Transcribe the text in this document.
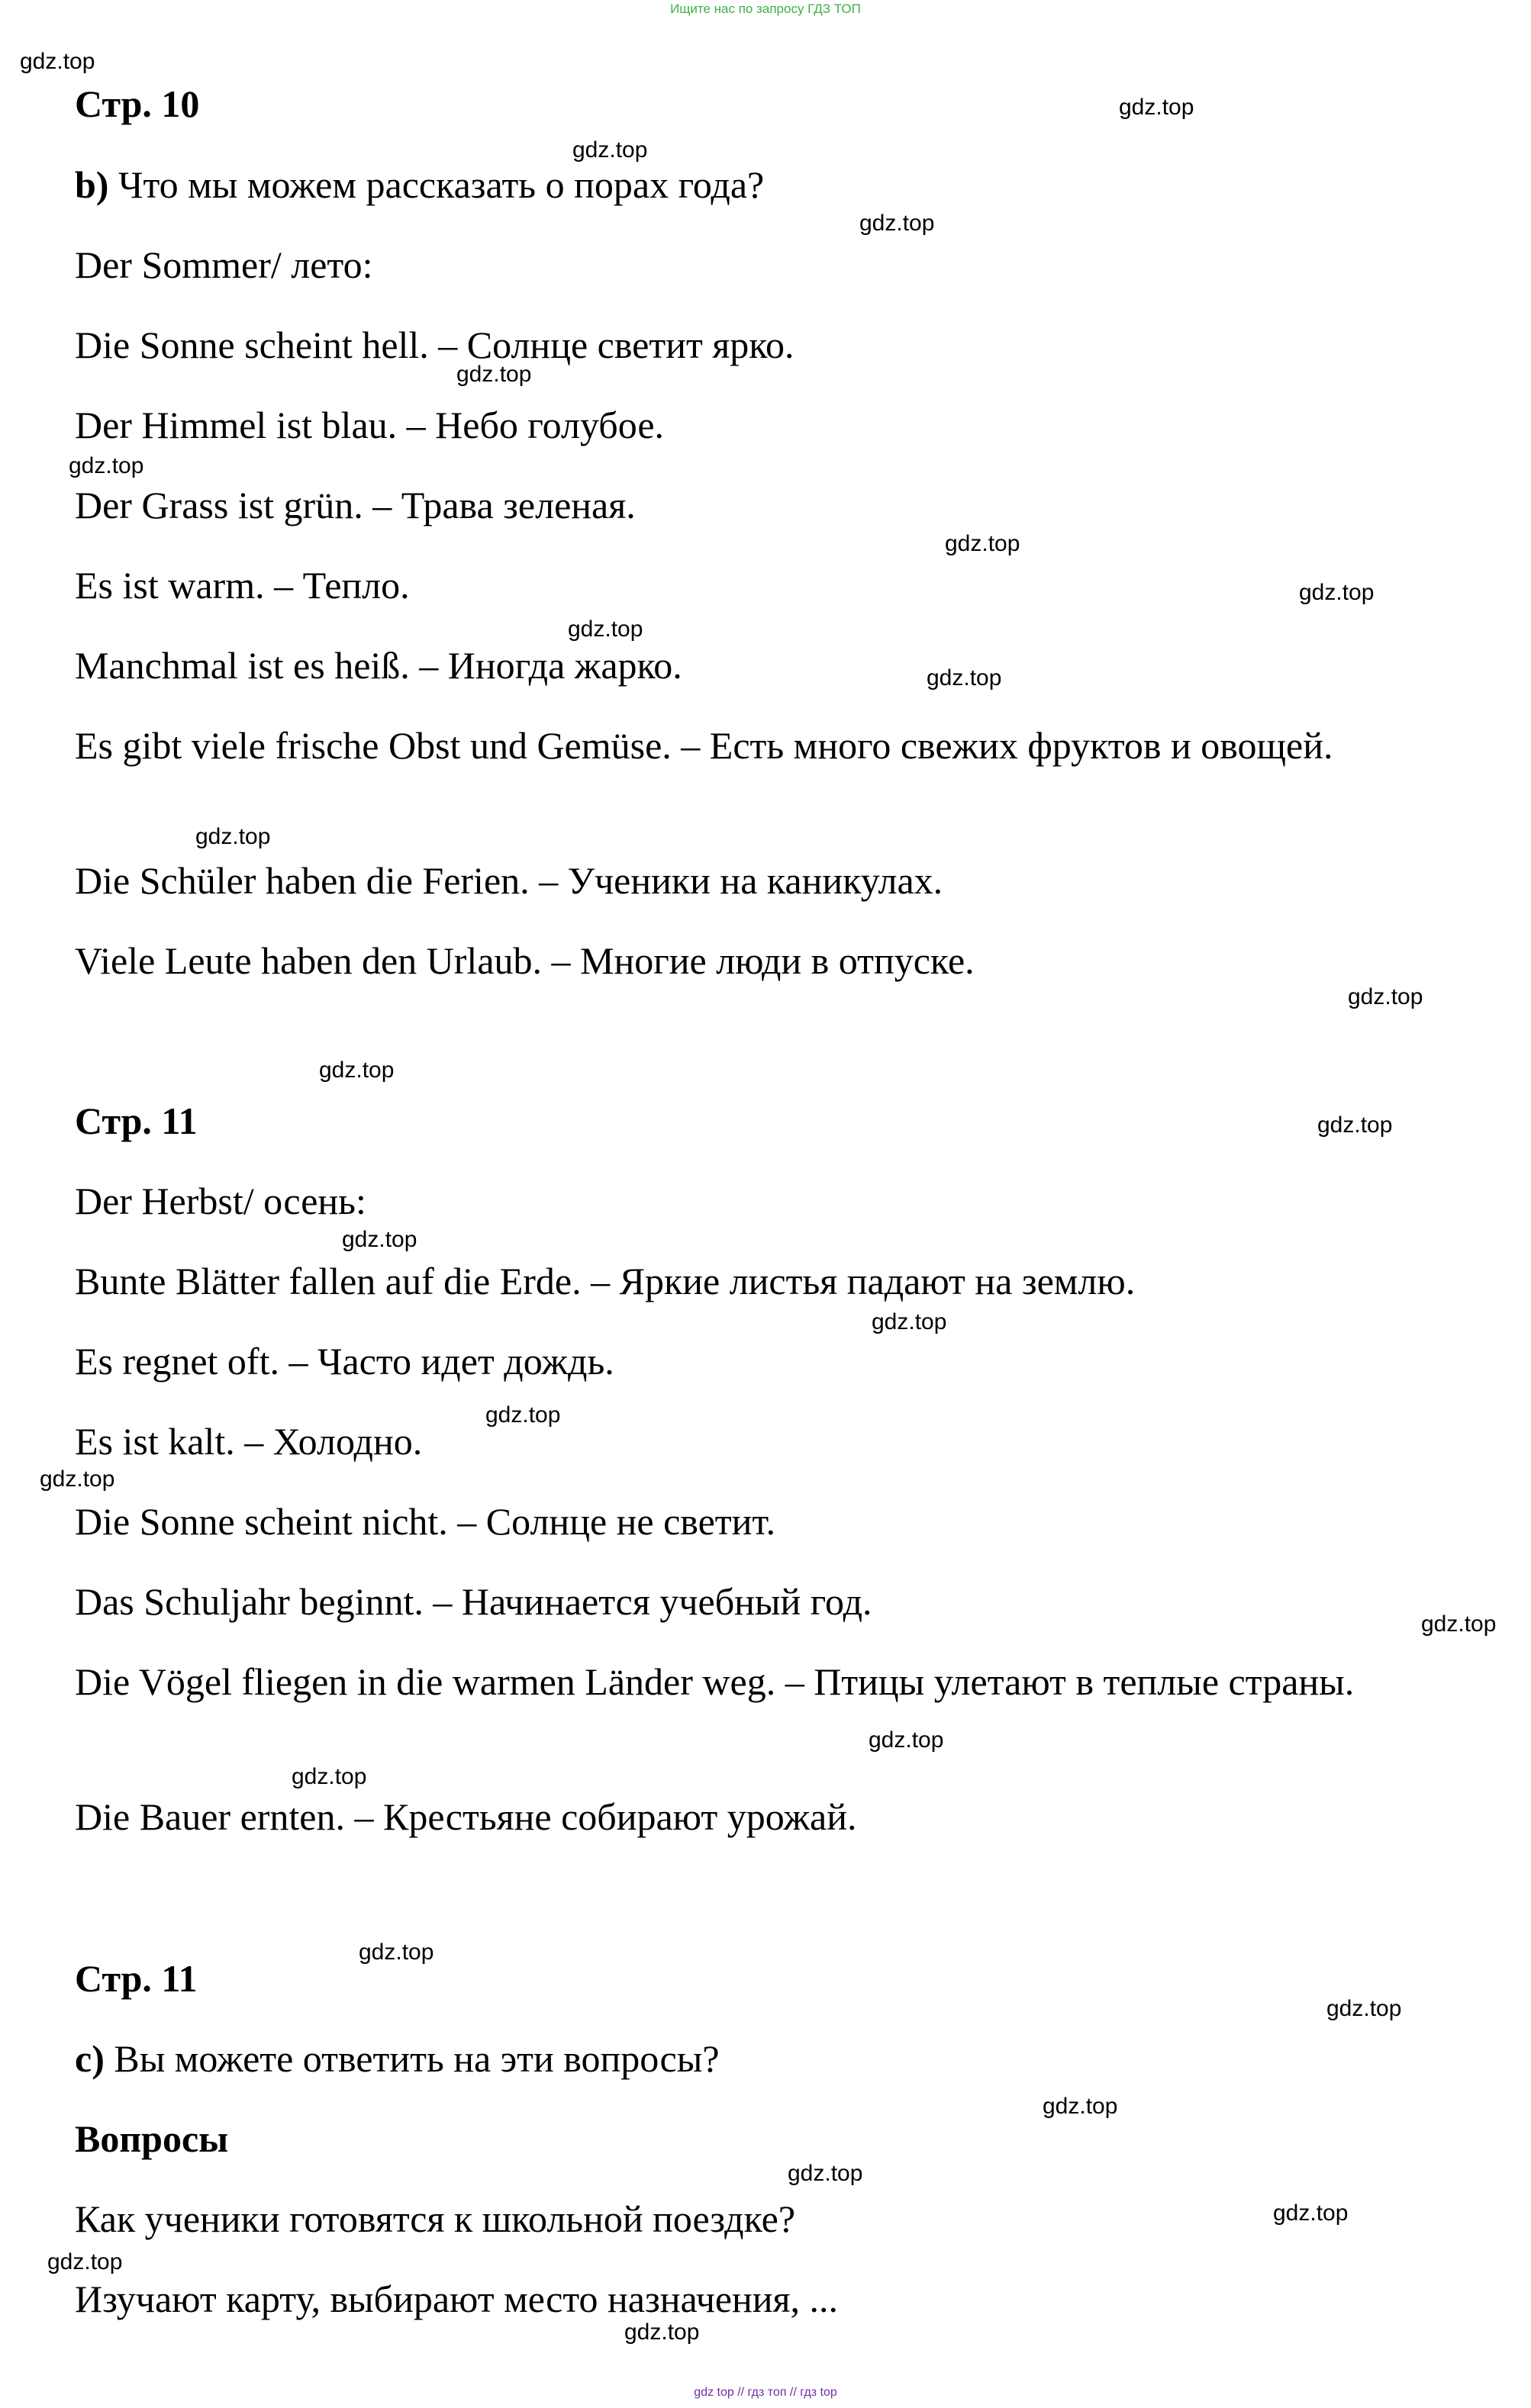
Ищите нас по запросу ГДЗ ТОП
Стр. 10
b) Что мы можем рассказать о порах года?
Der Sommer/ лето:
Die Sonne scheint hell. – Солнце светит ярко.
Der Himmel ist blau. – Небо голубое.
Der Grass ist grün. – Трава зеленая.
Es ist warm. – Тепло.
Manchmal ist es heiß. – Иногда жарко.
Es gibt viele frische Obst und Gemüse. – Есть много свежих фруктов и овощей.
Die Schüler haben die Ferien. – Ученики на каникулах.
Viele Leute haben den Urlaub. – Многие люди в отпуске.
Стр. 11
Der Herbst/ осень:
Bunte Blätter fallen auf die Erde. – Яркие листья падают на землю.
Es regnet oft. – Часто идет дождь.
Es ist kalt. – Холодно.
Die Sonne scheint nicht. – Солнце не светит.
Das Schuljahr beginnt. – Начинается учебный год.
Die Vögel fliegen in die warmen Länder weg. – Птицы улетают в теплые страны.
Die Bauer ernten. – Крестьяне собирают урожай.
Стр. 11
c) Вы можете ответить на эти вопросы?
Вопросы
Как ученики готовятся к школьной поездке?
Изучают карту, выбирают место назначения, ...
gdz.top
gdz.top
gdz.top
gdz.top
gdz.top
gdz.top
gdz.top
gdz.top
gdz.top
gdz.top
gdz.top
gdz.top
gdz.top
gdz.top
gdz.top
gdz.top
gdz.top
gdz.top
gdz.top
gdz.top
gdz.top
gdz.top
gdz.top
gdz.top
gdz.top
gdz.top
gdz.top
gdz.top
gdz top // гдз топ // гдз top
